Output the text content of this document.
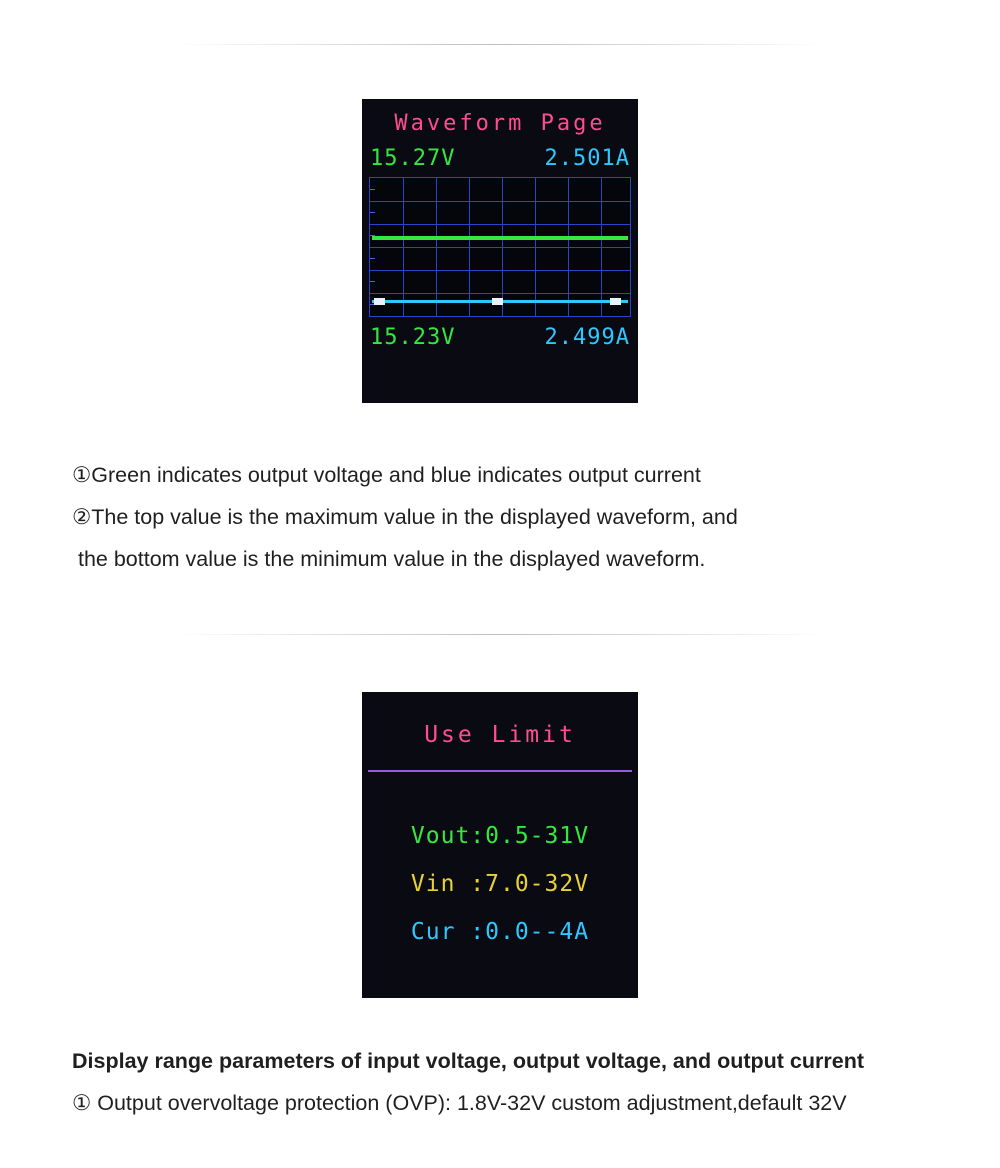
Waveform Page
15.27V	2.501A
15.23V	2.499A
①Green indicates output voltage and blue indicates output current
②The top value is the maximum value in the displayed waveform, and
the bottom value is the minimum value in the displayed waveform.
Use Limit
Vout:0.5-31V
Vin :7.0-32V
Cur :0.0--4A
Display range parameters of input voltage, output voltage, and output current
① Output overvoltage protection (OVP): 1.8V-32V custom adjustment,default 32V
